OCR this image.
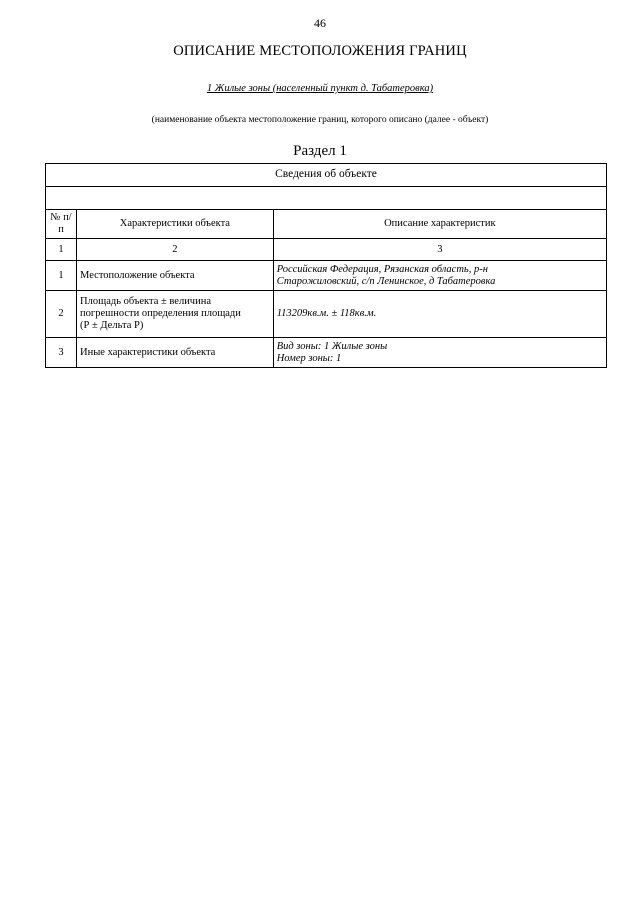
46
ОПИСАНИЕ МЕСТОПОЛОЖЕНИЯ ГРАНИЦ
1 Жилые зоны (населенный пункт д. Табатеровка)
(наименование объекта местоположение границ, которого описано (далее - объект)
Раздел 1
Сведения об объекте		

№ п/п	Характеристики объекта	Описание характеристик
1	2	3
1	Местоположение объекта	Российская Федерация, Рязанская область, р-н
Старожиловский, с/п Ленинское, д Табатеровка

2	Площадь объекта ± величина
погрешности определения площади
(Р ± Дельта Р)	113209кв.м. ± 118кв.м.
3	Иные характеристики объекта	Вид зоны: 1 Жилые зоны
Номер зоны: 1
